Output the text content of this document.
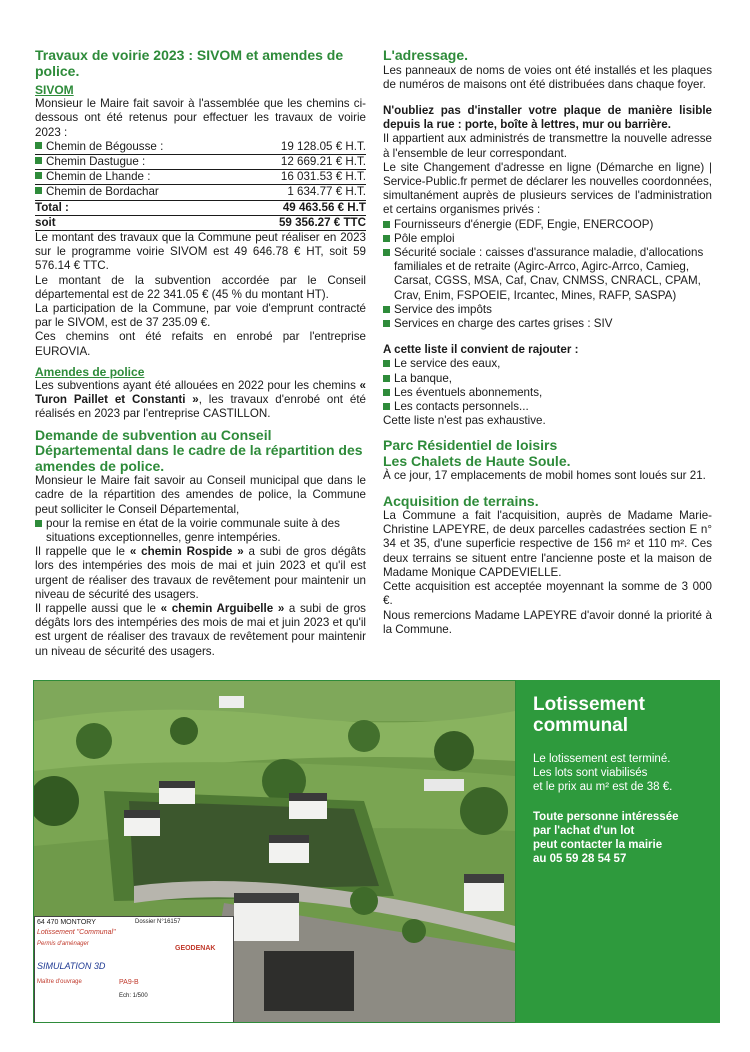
Travaux de voirie 2023 : SIVOM et amendes de police.
SIVOM

Monsieur le Maire fait savoir à l'assemblée que les chemins ci-dessous ont été retenus pour effectuer les travaux de voirie 2023 :

Chemin de Bégousse :	19 128.05 € H.T.
Chemin Dastugue :	12 669.21 € H.T.
Chemin de Lhande :	16 031.53 € H.T.
Chemin de Bordachar	1 634.77 € H.T.
Total :	49 463.56 € H.T
soit	59 356.27 € TTC

Le montant des travaux que la Commune peut réaliser en 2023 sur le programme voirie SIVOM est 49 646.78 € HT, soit 59 576.14 € TTC.

Le montant de la subvention accordée par le Conseil départemental est de 22 341.05 € (45 % du montant HT).

La participation de la Commune, par voie d'emprunt contracté par le SIVOM, est de 37 235.09 €.

Ces chemins ont été refaits en enrobé par l'entreprise EUROVIA.

Amendes de police

Les subventions ayant été allouées en 2022 pour les chemins « Turon Paillet et Constanti », les travaux d'enrobé ont été réalisés en 2023 par l'entreprise CASTILLON.

Demande de subvention au Conseil Départemental dans le cadre de la répartition des amendes de police.

Monsieur le Maire fait savoir au Conseil municipal que dans le cadre de la répartition des amendes de police, la Commune peut solliciter le Conseil Départemental,

pour la remise en état de la voirie communale suite à des situations exceptionnelles, genre intempéries.

Il rappelle que le « chemin Rospide » a subi de gros dégâts lors des intempéries des mois de mai et juin 2023 et qu'il est urgent de réaliser des travaux de revêtement pour maintenir un niveau de sécurité des usagers.

Il rappelle aussi que le « chemin Arguibelle » a subi de gros dégâts lors des intempéries des mois de mai et juin 2023 et qu'il est urgent de réaliser des travaux de revêtement pour maintenir un niveau de sécurité des usagers.

L'adressage.

Les panneaux de noms de voies ont été installés et les plaques de numéros de maisons ont été distribuées dans chaque foyer.

N'oubliez pas d'installer votre plaque de manière lisible depuis la rue : porte, boîte à lettres, mur ou barrière.

Il appartient aux administrés de transmettre la nouvelle adresse à l'ensemble de leur correspondant.

Le site Changement d'adresse en ligne (Démarche en ligne) | Service-Public.fr permet de déclarer les nouvelles coordonnées, simultanément auprès de plusieurs services de l'administration et certains organismes privés :

Fournisseurs d'énergie (EDF, Engie, ENERCOOP)
Pôle emploi
Sécurité sociale : caisses d'assurance maladie, d'allocations familiales et de retraite (Agirc-Arrco, Agirc-Arrco, Camieg, Carsat, CGSS, MSA, Caf, Cnav, CNMSS, CNRACL, CPAM, Crav, Enim, FSPOEIE, Ircantec, Mines, RAFP, SASPA)
Service des impôts
Services en charge des cartes grises : SIV

A cette liste il convient de rajouter :

Le service des eaux,
La banque,
Les éventuels abonnements,
Les contacts personnels...

Cette liste n'est pas exhaustive.

Parc Résidentiel de loisirs
Les Chalets de Haute Soule.

À ce jour, 17 emplacements de mobil homes sont loués sur 21.

Acquisition de terrains.

La Commune a fait l'acquisition, auprès de Madame Marie-Christine LAPEYRE, de deux parcelles cadastrées section E n° 34 et 35, d'une superficie respective de 156 m² et 110 m². Ces deux terrains se situent entre l'ancienne poste et la maison de Madame Monique CAPDEVIELLE.

Cette acquisition est acceptée moyennant la somme de 3 000 €.

Nous remercions Madame LAPEYRE d'avoir donné la priorité à la Commune.

64 470 MONTORY	Dossier N°16157
Lotissement "Communal"
Permis d'aménager
GEODENAK
SIMULATION 3D
Maître d'ouvrage	PA9-B
Ech: 1/500
Lotissement
communal
Le lotissement est terminé.
Les lots sont viabilisés
et le prix au m² est de 38 €.
Toute personne intéressée
par l'achat d'un lot
peut contacter la mairie
au 05 59 28 54 57
